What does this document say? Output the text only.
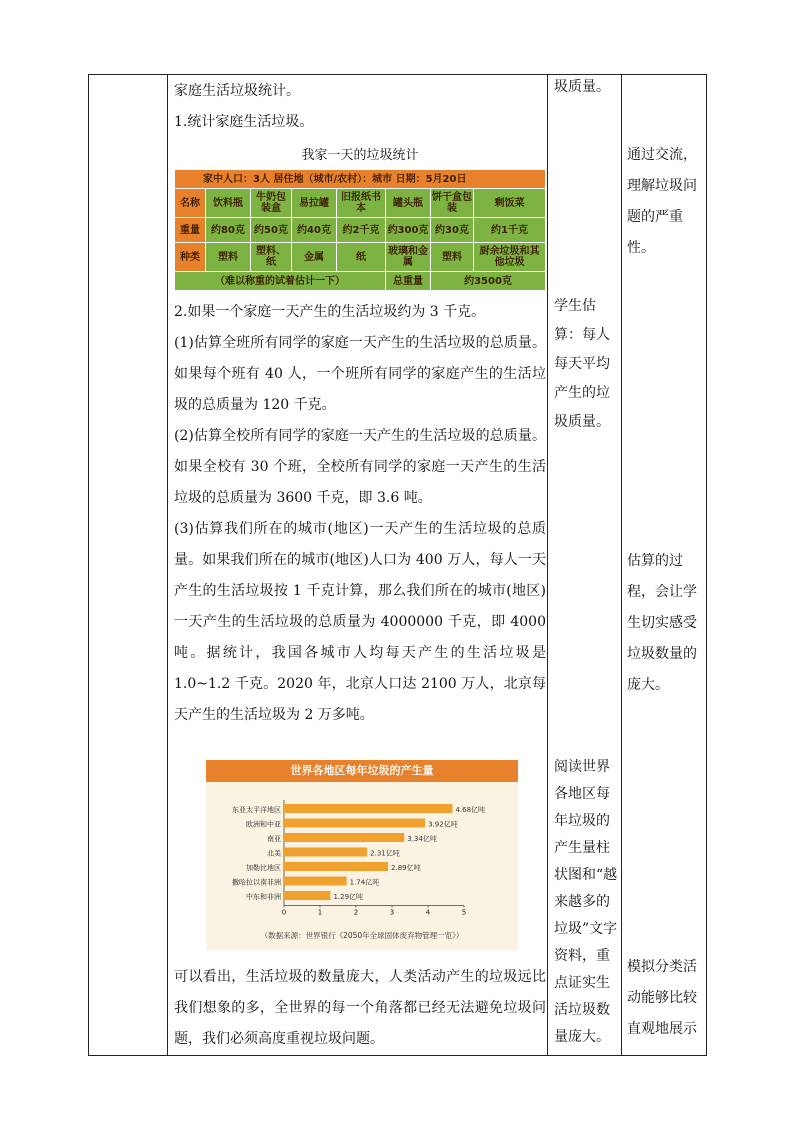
家庭生活垃圾统计。

1.统计家庭生活垃圾。

我家一天的垃圾统计
家中人口：3人 居住地（城市/农村）：城市 日期：5月20日							
名称	饮料瓶	牛奶包装盒	易拉罐	旧报纸书本	罐头瓶	饼干盒包装	剩饭菜
重量	约80克	约50克	约40克	约2千克	约300克	约30克	约1千克
种类	塑料	塑料、纸	金属	纸	玻璃和金属	塑料	厨余垃圾和其他垃圾
（难以称重的试着估计一下）					总重量	约3500克	

2.如果一个家庭一天产生的生活垃圾约为 3 千克。

(1)估算全班所有同学的家庭一天产生的生活垃圾的总质量。如果每个班有 40 人，一个班所有同学的家庭产生的生活垃圾的总质量为 120 千克。

(2)估算全校所有同学的家庭一天产生的生活垃圾的总质量。如果全校有 30 个班，全校所有同学的家庭一天产生的生活垃圾的总质量为 3600 千克，即 3.6 吨。

(3)估算我们所在的城市(地区)一天产生的生活垃圾的总质量。如果我们所在的城市(地区)人口为 400 万人，每人一天产生的生活垃圾按 1 千克计算，那么我们所在的城市(地区)一天产生的生活垃圾的总质量为 4000000 千克，即 4000 吨。据统计，我国各城市人均每天产生的生活垃圾是 1.0~1.2 千克。2020 年，北京人口达 2100 万人，北京每天产生的生活垃圾为 2 万多吨。

世界各地区每年垃圾的产生量
东亚太平洋地区	4.68亿吨
欧洲和中亚	3.92亿吨
南亚	3.34亿吨
北美	2.31亿吨
加勒比地区	2.89亿吨
撒哈拉以南非洲	1.74亿吨
中东和非洲	1.29亿吨
0	1	2	3	4	5
（数据来源：世界银行《2050年全球固体废弃物管理一览》）

可以看出，生活垃圾的数量庞大，人类活动产生的垃圾远比我们想象的多，全世界的每一个角落都已经无法避免垃圾问题，我们必须高度重视垃圾问题。

圾质量。
学生估算：每人每天平均产生的垃圾质量。
阅读世界各地区每年垃圾的产生量柱状图和“越来越多的垃圾”文字资料，重点证实生活垃圾数量庞大。
通过交流，理解垃圾问题的严重性。
估算的过程，会让学生切实感受垃圾数量的庞大。
模拟分类活动能够比较直观地展示
